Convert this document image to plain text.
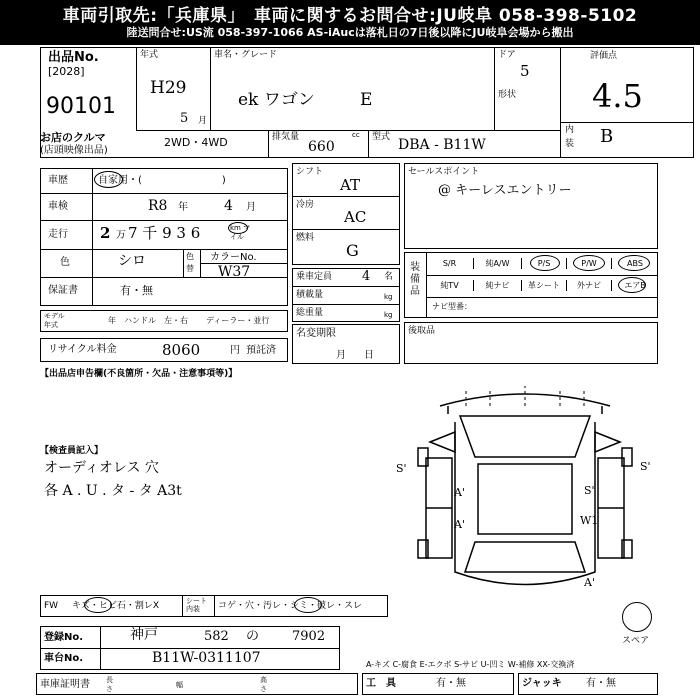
車両引取先:「兵庫県」　車両に関するお問合せ:JU岐阜 058-398-5102
陸送問合せ:US流 058-397-1066 AS-iAucは落札日の7日後以降にJU岐阜会場から搬出
出品No.
[2028]
90101
お店のクルマ
(店頭映像出品)
年式
H29
5 月
車名・グレード
ek ワゴン	E
ドア
5
形状
評価点
4.5
内
装 B
2WD・4WD	排気量	cc
660
型式 DBA - B11W
車歴	自家用・(　　　　　　　　)
車検	R8 年	4 月
走行 2 万 7 千 9 3 6	km マイル
色	シロ	色
替
カラーNo.
W37
保証書	有・無
モデル
年式	年 ハンドル　左・右 ディーラー・並行
リサイクル料金	8060	円 預託済
シフト
AT
冷房
AC
燃料
G
乗車定員 4 名
積載量	kg
総重量	kg
名変期限
月日
セールスポイント
@ キーレスエントリー
装備品
S/R	純A/W	P/S	P/W	ABS
純TV	純ナビ	革シート	外ナビ	エアB
ナビ型番：
後取品
【出品店申告欄(不良箇所・欠品・注意事項等)】
【検査員記入】
オーディオレス 穴
各 A . U . タ - タ A3t
S'	S'
A'	S'
W1
A'
A'
スペア
FW キズ・ヒビ石・割レX	シート内装	コゲ・穴・汚レ・シミ・破レ・スレ
登録No.	神戸	582 の	7902
車台No.	B11W-0311107	A-キズ C-腐食 E-エクボ S-サビ U-凹ミ W-補修 XX-交換済
車庫証明書 長
さ	幅
高
さ	工具	有・無	ジャッキ 有・無
